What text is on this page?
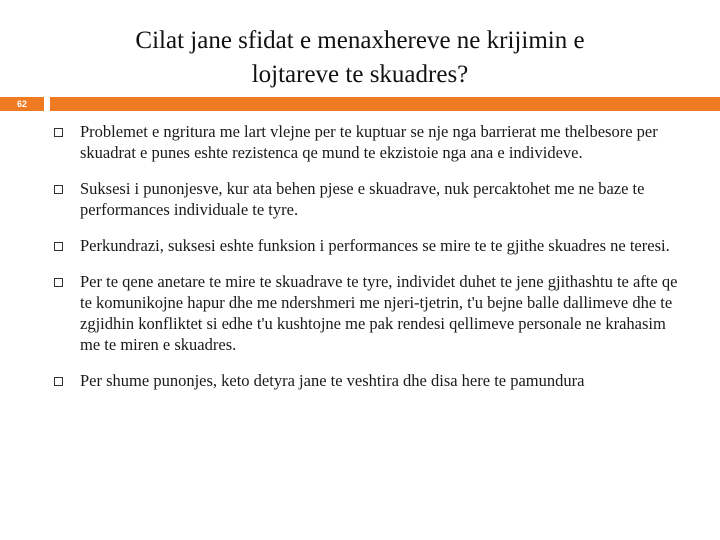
Cilat jane sfidat e menaxhereve ne krijimin e
lojtareve te skuadres?
62
Problemet e ngritura me lart vlejne per te kuptuar se nje nga barrierat me thelbesore per skuadrat e punes eshte rezistenca qe mund te ekzistoie nga ana e individeve.
Suksesi i punonjesve, kur ata behen pjese e skuadrave, nuk percaktohet me ne baze te performances individuale te tyre.
Perkundrazi, suksesi eshte funksion i performances se mire te te gjithe skuadres ne teresi.
Per te qene anetare te mire te skuadrave te tyre, individet duhet te jene gjithashtu te afte qe te komunikojne hapur dhe me ndershmeri me njeri-tjetrin, t'u bejne balle dallimeve dhe te zgjidhin konfliktet si edhe t'u kushtojne me pak rendesi qellimeve personale ne krahasim me te miren e skuadres.
Per shume punonjes, keto detyra jane te veshtira dhe disa here te pamundura
